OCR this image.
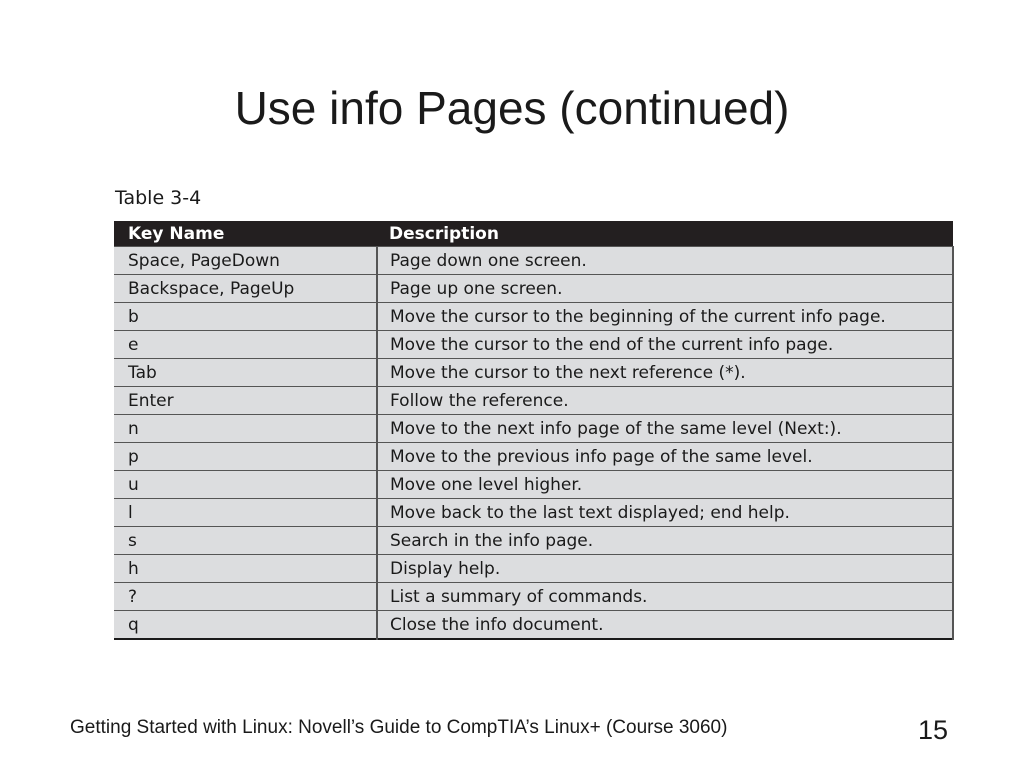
Use info Pages (continued)
Table 3-4
Key Name	Description
Space, PageDown	Page down one screen.
Backspace, PageUp	Page up one screen.
b	Move the cursor to the beginning of the current info page.
e	Move the cursor to the end of the current info page.
Tab	Move the cursor to the next reference (*).
Enter	Follow the reference.
n	Move to the next info page of the same level (Next:).
p	Move to the previous info page of the same level.
u	Move one level higher.
l	Move back to the last text displayed; end help.
s	Search in the info page.
h	Display help.
?	List a summary of commands.
q	Close the info document.
Getting Started with Linux: Novell’s Guide to CompTIA’s Linux+ (Course 3060)	15
